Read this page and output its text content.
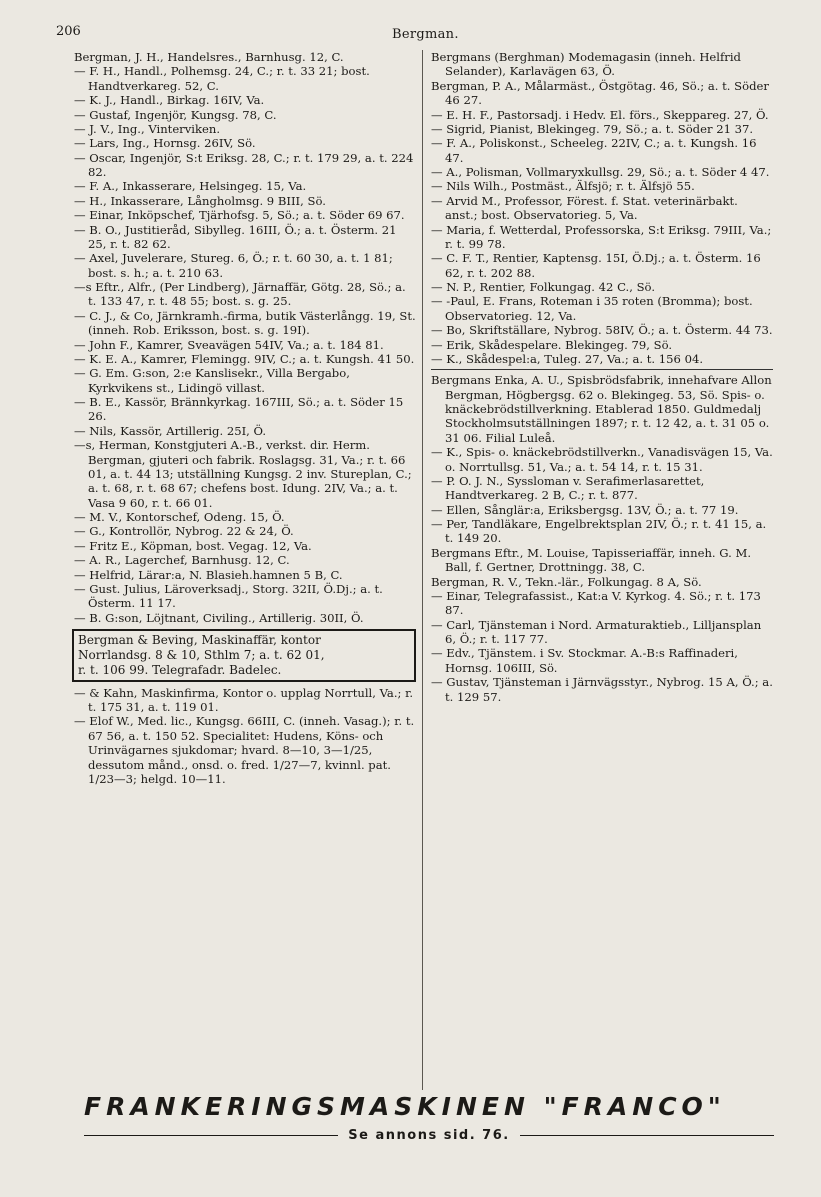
206	Bergman.
Bergman, J. H., Handelsres., Barnhusg. 12, C.
— F. H., Handl., Polhemsg. 24, C.; r. t. 33 21; bost. Handtverkareg. 52, C.
— K. J., Handl., Birkag. 16IV, Va.
— Gustaf, Ingenjör, Kungsg. 78, C.
— J. V., Ing., Vinterviken.
— Lars, Ing., Hornsg. 26IV, Sö.
— Oscar, Ingenjör, S:t Eriksg. 28, C.; r. t. 179 29, a. t. 224 82.
— F. A., Inkasserare, Helsingeg. 15, Va.
— H., Inkasserare, Långholmsg. 9 BIII, Sö.
— Einar, Inköpschef, Tjärhofsg. 5, Sö.; a. t. Söder 69 67.
— B. O., Justitieråd, Sibylleg. 16III, Ö.; a. t. Österm. 21 25, r. t. 82 62.
— Axel, Juvelerare, Stureg. 6, Ö.; r. t. 60 30, a. t. 1 81; bost. s. h.; a. t. 210 63.
—s Eftr., Alfr., (Per Lindberg), Järnaffär, Götg. 28, Sö.; a. t. 133 47, r. t. 48 55; bost. s. g. 25.
— C. J., & Co, Järnkramh.-firma, butik Västerlångg. 19, St. (inneh. Rob. Eriksson, bost. s. g. 19I).
— John F., Kamrer, Sveavägen 54IV, Va.; a. t. 184 81.
— K. E. A., Kamrer, Flemingg. 9IV, C.; a. t. Kungsh. 41 50.
— G. Em. G:son, 2:e Kanslisekr., Villa Bergabo, Kyrkvikens st., Lidingö villast.
— B. E., Kassör, Brännkyrkag. 167III, Sö.; a. t. Söder 15 26.
— Nils, Kassör, Artillerig. 25I, Ö.
—s, Herman, Konstgjuteri A.-B., verkst. dir. Herm. Bergman, gjuteri och fabrik. Roslagsg. 31, Va.; r. t. 66 01, a. t. 44 13; utställning Kungsg. 2 inv. Stureplan, C.; a. t. 68, r. t. 68 67; chefens bost. Idung. 2IV, Va.; a. t. Vasa 9 60, r. t. 66 01.
— M. V., Kontorschef, Odeng. 15, Ö.
— G., Kontrollör, Nybrog. 22 & 24, Ö.
— Fritz E., Köpman, bost. Vegag. 12, Va.
— A. R., Lagerchef, Barnhusg. 12, C.
— Helfrid, Lärar:a, N. Blasieh.hamnen 5 B, C.
— Gust. Julius, Läroverksadj., Storg. 32II, Ö.Dj.; a. t. Österm. 11 17.
— B. G:son, Löjtnant, Civiling., Artillerig. 30II, Ö.
Bergman & Beving, Maskinaffär, kontor
Norrlandsg. 8 & 10, Sthlm 7; a. t. 62 01,
r. t. 106 99. Telegrafadr. Badelec.
— & Kahn, Maskinfirma, Kontor o. upplag Norrtull, Va.; r. t. 175 31, a. t. 119 01.
— Elof W., Med. lic., Kungsg. 66III, C. (inneh. Vasag.); r. t. 67 56, a. t. 150 52. Specialitet: Hudens, Köns- och Urinvägarnes sjukdomar; hvard. 8—10, 3—1/25, dessutom månd., onsd. o. fred. 1/27—7, kvinnl. pat. 1/23—3; helgd. 10—11.
Bergmans (Berghman) Modemagasin (inneh. Helfrid Selander), Karlavägen 63, Ö.
Bergman, P. A., Målarmäst., Östgötag. 46, Sö.; a. t. Söder 46 27.
— E. H. F., Pastorsadj. i Hedv. El. förs., Skeppareg. 27, Ö.
— Sigrid, Pianist, Blekingeg. 79, Sö.; a. t. Söder 21 37.
— F. A., Poliskonst., Scheeleg. 22IV, C.; a. t. Kungsh. 16 47.
— A., Polisman, Vollmaryxkullsg. 29, Sö.; a. t. Söder 4 47.
— Nils Wilh., Postmäst., Älfsjö; r. t. Älfsjö 55.
— Arvid M., Professor, Förest. f. Stat. veterinärbakt. anst.; bost. Observatorieg. 5, Va.
— Maria, f. Wetterdal, Professorska, S:t Eriksg. 79III, Va.; r. t. 99 78.
— C. F. T., Rentier, Kaptensg. 15I, Ö.Dj.; a. t. Österm. 16 62, r. t. 202 88.
— N. P., Rentier, Folkungag. 42 C., Sö.
— -Paul, E. Frans, Roteman i 35 roten (Bromma); bost. Observatorieg. 12, Va.
— Bo, Skriftställare, Nybrog. 58IV, Ö.; a. t. Österm. 44 73.
— Erik, Skådespelare. Blekingeg. 79, Sö.
— K., Skådespel:a, Tuleg. 27, Va.; a. t. 156 04.
Bergmans Enka, A. U., Spisbrödsfabrik, innehafvare Allon Bergman, Högbergsg. 62 o. Blekingeg. 53, Sö. Spis- o. knäckebrödstillverkning. Etablerad 1850. Guldmedalj Stockholmsutställningen 1897; r. t. 12 42, a. t. 31 05 o. 31 06. Filial Luleå.
— K., Spis- o. knäckebrödstillverkn., Vanadisvägen 15, Va. o. Norrtullsg. 51, Va.; a. t. 54 14, r. t. 15 31.
— P. O. J. N., Syssloman v. Serafimerlasarettet, Handtverkareg. 2 B, C.; r. t. 877.
— Ellen, Sånglär:a, Eriksbergsg. 13V, Ö.; a. t. 77 19.
— Per, Tandläkare, Engelbrektsplan 2IV, Ö.; r. t. 41 15, a. t. 149 20.
Bergmans Eftr., M. Louise, Tapisseriaffär, inneh. G. M. Ball, f. Gertner, Drottningg. 38, C.
Bergman, R. V., Tekn.-lär., Folkungag. 8 A, Sö.
— Einar, Telegrafassist., Kat:a V. Kyrkog. 4. Sö.; r. t. 173 87.
— Carl, Tjänsteman i Nord. Armaturaktieb., Lilljansplan 6, Ö.; r. t. 117 77.
— Edv., Tjänstem. i Sv. Stockmar. A.-B:s Raffinaderi, Hornsg. 106III, Sö.
— Gustav, Tjänsteman i Järnvägsstyr., Nybrog. 15 A, Ö.; a. t. 129 57.
FRANKERINGSMASKINEN "FRANCO"
Se annons sid. 76.
